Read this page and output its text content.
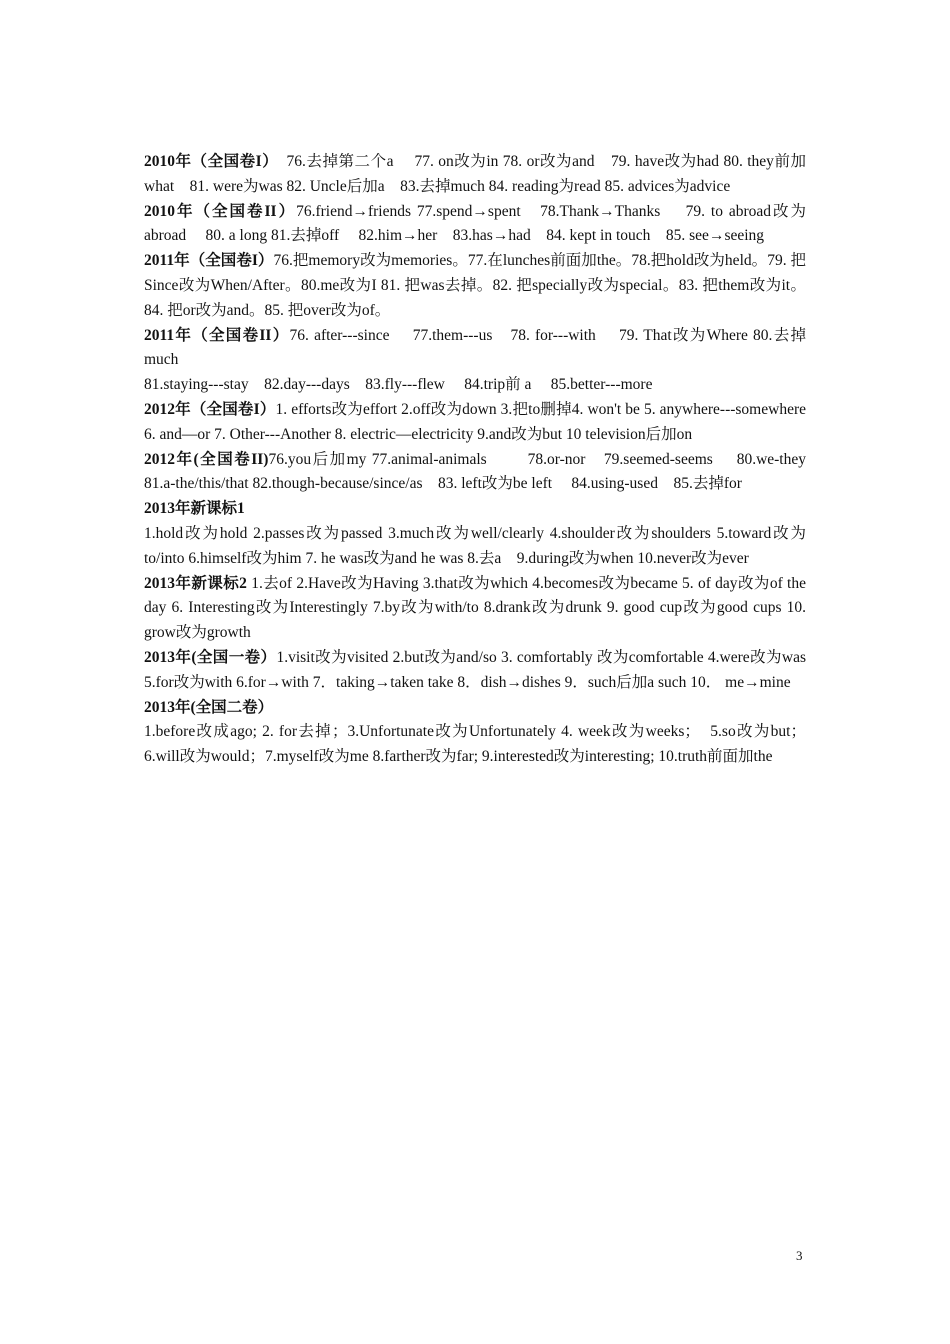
2010年（全国卷I）　76.去掉第二个a　 77. on改为in 78. or改为and　79. have改为had 80. they前加what　81. were为was 82. Uncle后加a　83.去掉much 84. reading为read 85. advices为advice

2010年（全国卷II）76.friend→friends 77.spend→spent　78.Thank→Thanks　 79. to abroad改为abroad　 80. a long 81.去掉off　 82.him→her　83.has→had　84. kept in touch　85. see→seeing

2011年（全国卷I）76.把memory改为memories。77.在lunches前面加the。78.把hold改为held。79. 把Since改为When/After。80.me改为I 81. 把was去掉。82. 把specially改为special。83. 把them改为it。84. 把or改为and。85. 把over改为of。

2011年（全国卷II）76. after---since　 77.them---us　78. for---with　 79. That改为Where 80.去掉much

81.staying---stay　82.day---days　83.fly---flew　 84.trip前 a　 85.better---more

2012年（全国卷I）1. efforts改为effort 2.off改为down 3.把to删掉4. won't be 5. anywhere---somewhere 6. and—or 7. Other---Another 8. electric—electricity 9.and改为but 10 television后加on

2012年(全国卷II)76.you后加my 77.animal-animals　　 78.or-nor　79.seemed-seems　 80.we-they　　　　　81.a-the/this/that 82.though-because/since/as　83. left改为be left　 84.using-used　85.去掉for

2013年新课标1

1.hold改为hold 2.passes改为passed 3.much改为well/clearly 4.shoulder改为shoulders 5.toward改为to/into 6.himself改为him 7. he was改为and he was 8.去a　9.during改为when 10.never改为ever

2013年新课标2 1.去of 2.Have改为Having 3.that改为which 4.becomes改为became 5. of day改为of the day 6. Interesting改为Interestingly 7.by改为with/to 8.drank改为drunk 9. good cup改为good cups 10. grow改为growth

2013年(全国一卷）1.visit改为visited 2.but改为and/so 3. comfortably 改为comfortable 4.were改为was 5.for改为with 6.for→with 7．taking→taken take 8．dish→dishes 9．such后加a such 10． me→mine

2013年(全国二卷）

1.before改成ago; 2. for去掉；3.Unfortunate改为Unfortunately 4. week改为weeks；　5.so改为but；6.will改为would；7.myself改为me 8.farther改为far; 9.interested改为interesting; 10.truth前面加the

3
